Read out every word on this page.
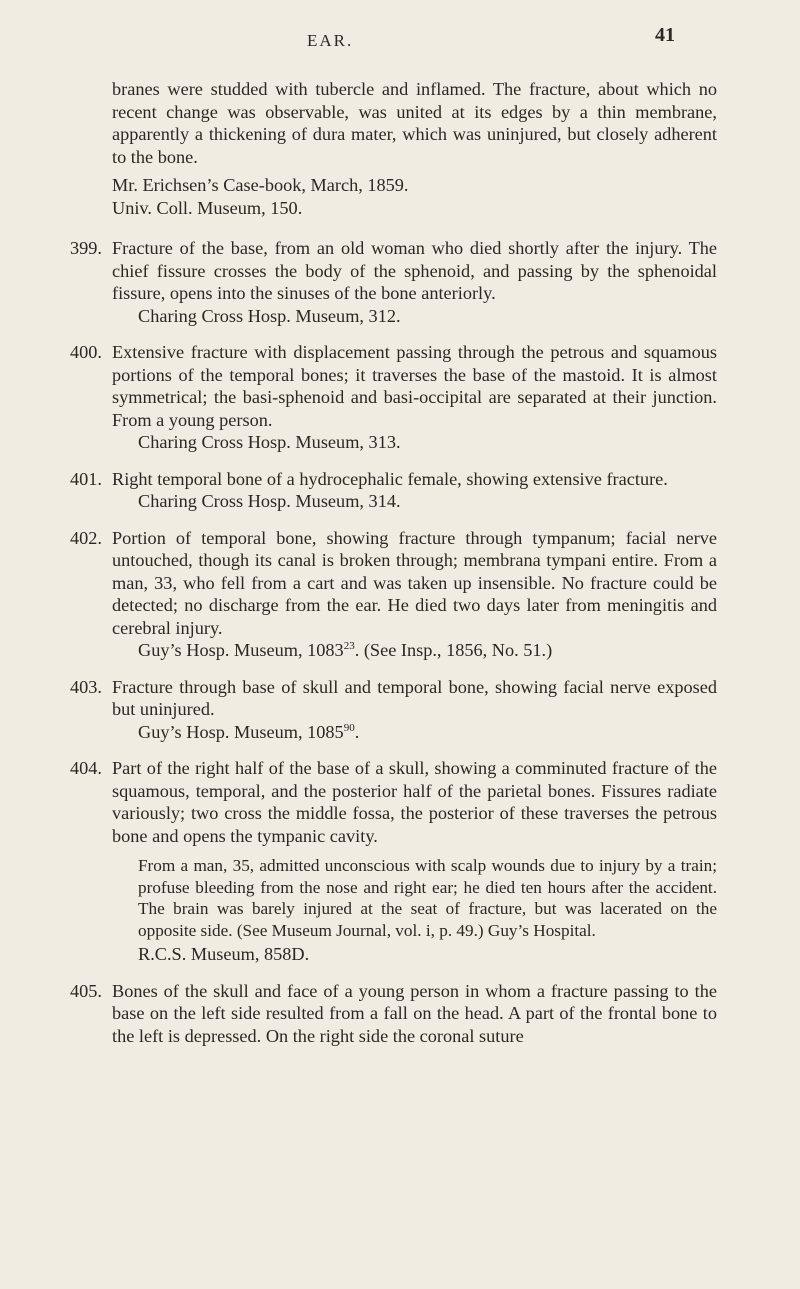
EAR.	41

branes were studded with tubercle and inflamed. The fracture, about which no recent change was observable, was united at its edges by a thin membrane, apparently a thickening of dura mater, which was uninjured, but closely adherent to the bone.

Mr. Erichsen’s Case-book, March, 1859.

Univ. Coll. Museum, 150.

399. Fracture of the base, from an old woman who died shortly after the injury. The chief fissure crosses the body of the sphenoid, and passing by the sphenoidal fissure, opens into the sinuses of the bone anteriorly.

Charing Cross Hosp. Museum, 312.

400. Extensive fracture with displacement passing through the petrous and squamous portions of the temporal bones; it traverses the base of the mastoid. It is almost symmetrical; the basi-sphenoid and basi-occipital are separated at their junction. From a young person.

Charing Cross Hosp. Museum, 313.

401. Right temporal bone of a hydrocephalic female, showing extensive fracture.

Charing Cross Hosp. Museum, 314.

402. Portion of temporal bone, showing fracture through tympanum; facial nerve untouched, though its canal is broken through; membrana tympani entire. From a man, 33, who fell from a cart and was taken up insensible. No fracture could be detected; no discharge from the ear. He died two days later from meningitis and cerebral injury.

Guy’s Hosp. Museum, 1083$^{23}$. (See Insp., 1856, No. 51.)

403. Fracture through base of skull and temporal bone, showing facial nerve exposed but uninjured.

Guy’s Hosp. Museum, 1085$^{90}$.

404. Part of the right half of the base of a skull, showing a comminuted fracture of the squamous, temporal, and the posterior half of the parietal bones. Fissures radiate variously; two cross the middle fossa, the posterior of these traverses the petrous bone and opens the tympanic cavity.

From a man, 35, admitted unconscious with scalp wounds due to injury by a train; profuse bleeding from the nose and right ear; he died ten hours after the accident. The brain was barely injured at the seat of fracture, but was lacerated on the opposite side. (See Museum Journal, vol. i, p. 49.) Guy’s Hospital.

R.C.S. Museum, 858D.

405. Bones of the skull and face of a young person in whom a fracture passing to the base on the left side resulted from a fall on the head. A part of the frontal bone to the left is depressed. On the right side the coronal suture
